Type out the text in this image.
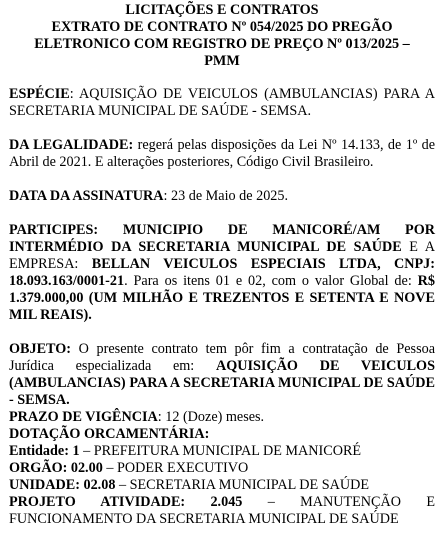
LICITAÇÕES E CONTRATOS
EXTRATO DE CONTRATO Nº 054/2025 DO PREGÃO
ELETRONICO COM REGISTRO DE PREÇO Nº 013/2025 –
PMM

ESPÉCIE: AQUISIÇÃO DE VEICULOS (AMBULANCIAS) PARA A SECRETARIA MUNICIPAL DE SAÚDE - SEMSA.

DA LEGALIDADE: regerá pelas disposições da Lei Nº 14.133, de 1º de Abril de 2021. E alterações posteriores, Código Civil Brasileiro.

DATA DA ASSINATURA: 23 de Maio de 2025.

PARTICIPES: MUNICIPIO DE MANICORÉ/AM POR INTERMÉDIO DA SECRETARIA MUNICIPAL DE SAÚDE E A EMPRESA: BELLAN VEICULOS ESPECIAIS LTDA, CNPJ: 18.093.163/0001-21. Para os itens 01 e 02, com o valor Global de: R$ 1.379.000,00 (UM MILHÃO E TREZENTOS E SETENTA E NOVE MIL REAIS).

OBJETO: O presente contrato tem pôr fim a contratação de Pessoa Jurídica especializada em: AQUISIÇÃO DE VEICULOS (AMBULANCIAS) PARA A SECRETARIA MUNICIPAL DE SAÚDE - SEMSA.

PRAZO DE VIGÊNCIA: 12 (Doze) meses.

DOTAÇÃO ORCAMENTÁRIA:

Entidade: 1 – PREFEITURA MUNICIPAL DE MANICORÉ

ORGÃO: 02.00 – PODER EXECUTIVO

UNIDADE: 02.08 – SECRETARIA MUNICIPAL DE SAÚDE

PROJETO ATIVIDADE: 2.045 – MANUTENÇÃO E FUNCIONAMENTO DA SECRETARIA MUNICIPAL DE SAÚDE
